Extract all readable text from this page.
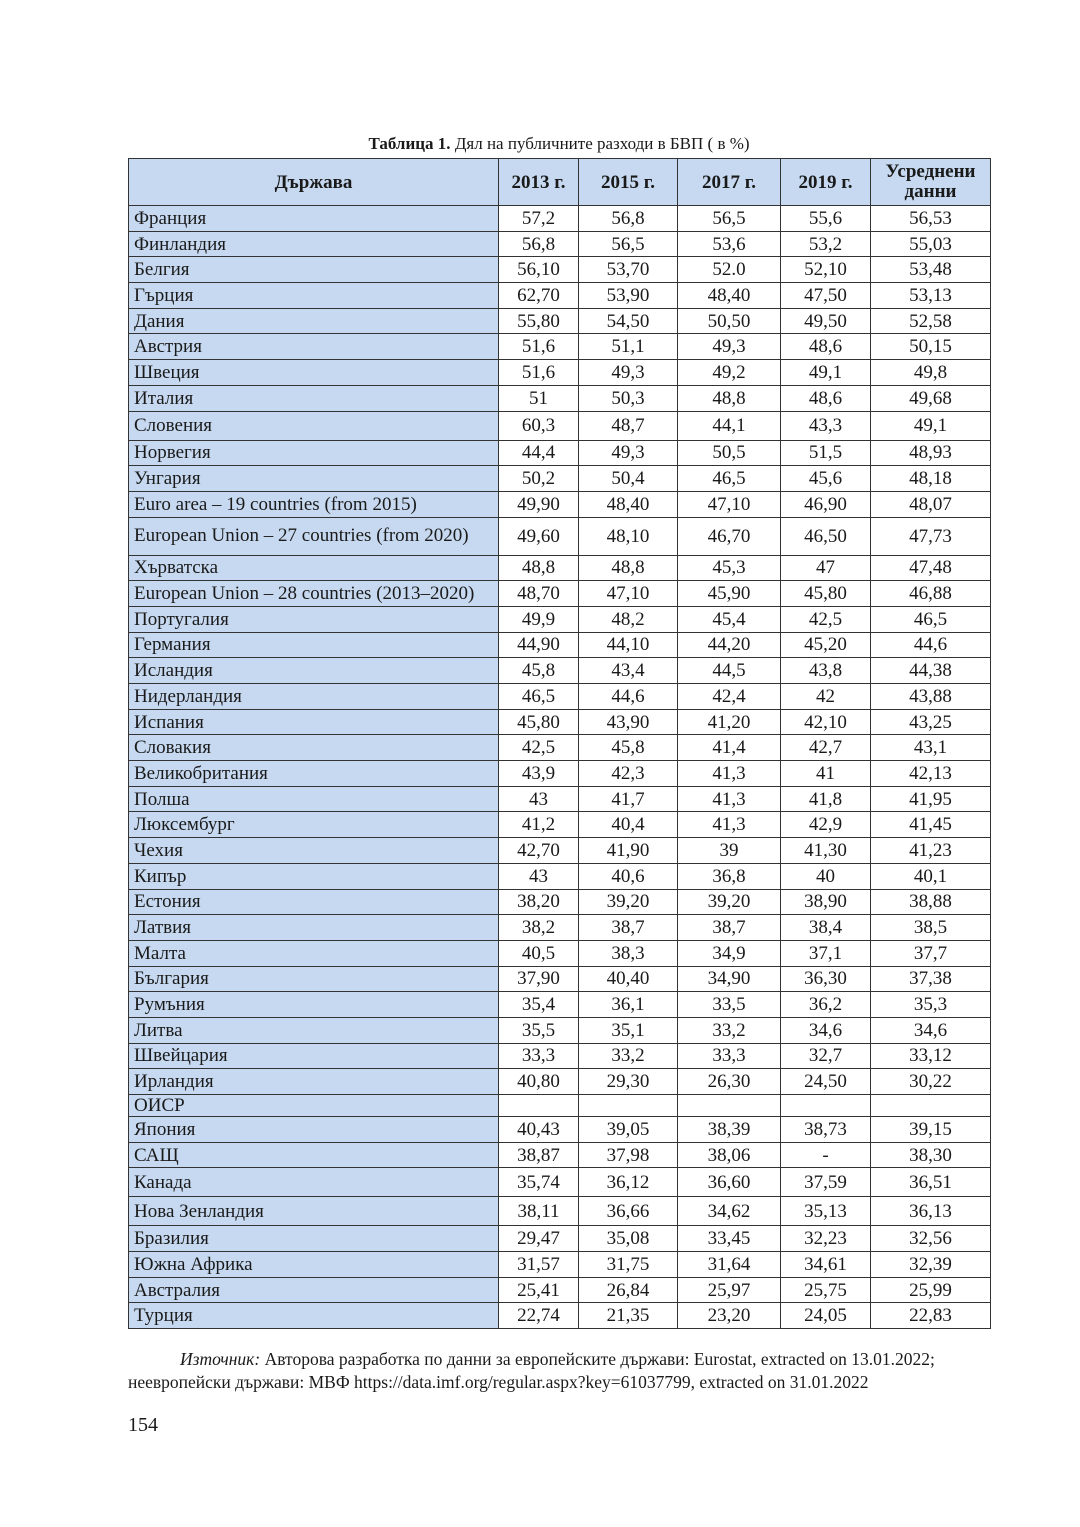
Таблица 1. Дял на публичните разходи в БВП ( в %)
Държава	2013 г.	2015 г.	2017 г.	2019 г.	Усреднени данни
Франция	57,2	56,8	56,5	55,6	56,53
Финландия	56,8	56,5	53,6	53,2	55,03
Белгия	56,10	53,70	52.0	52,10	53,48
Гърция	62,70	53,90	48,40	47,50	53,13
Дания	55,80	54,50	50,50	49,50	52,58
Австрия	51,6	51,1	49,3	48,6	50,15
Швеция	51,6	49,3	49,2	49,1	49,8
Италия	51	50,3	48,8	48,6	49,68
Словения	60,3	48,7	44,1	43,3	49,1
Норвегия	44,4	49,3	50,5	51,5	48,93
Унгария	50,2	50,4	46,5	45,6	48,18
Euro area – 19 countries (from 2015)	49,90	48,40	47,10	46,90	48,07

European Union – 27 countries (from 2020)	49,60	48,10	46,70	46,50	47,73
Хърватска	48,8	48,8	45,3	47	47,48
European Union – 28 countries (2013–2020)	48,70	47,10	45,90	45,80	46,88
Португалия	49,9	48,2	45,4	42,5	46,5
Германия	44,90	44,10	44,20	45,20	44,6
Исландия	45,8	43,4	44,5	43,8	44,38
Нидерландия	46,5	44,6	42,4	42	43,88
Испания	45,80	43,90	41,20	42,10	43,25
Словакия	42,5	45,8	41,4	42,7	43,1
Великобритания	43,9	42,3	41,3	41	42,13
Полша	43	41,7	41,3	41,8	41,95
Люксембург	41,2	40,4	41,3	42,9	41,45
Чехия	42,70	41,90	39	41,30	41,23
Кипър	43	40,6	36,8	40	40,1
Естония	38,20	39,20	39,20	38,90	38,88
Латвия	38,2	38,7	38,7	38,4	38,5
Малта	40,5	38,3	34,9	37,1	37,7
България	37,90	40,40	34,90	36,30	37,38
Румъния	35,4	36,1	33,5	36,2	35,3
Литва	35,5	35,1	33,2	34,6	34,6
Швейцария	33,3	33,2	33,3	32,7	33,12
Ирландия	40,80	29,30	26,30	24,50	30,22
ОИСР					
Япония	40,43	39,05	38,39	38,73	39,15
САЩ	38,87	37,98	38,06	-	38,30
Канада	35,74	36,12	36,60	37,59	36,51
Нова Зенландия	38,11	36,66	34,62	35,13	36,13
Бразилия	29,47	35,08	33,45	32,23	32,56
Южна Африка	31,57	31,75	31,64	34,61	32,39
Австралия	25,41	26,84	25,97	25,75	25,99
Турция	22,74	21,35	23,20	24,05	22,83
Източник: Авторова разработка по данни за европейските държави: Eurostat, extracted on 13.01.2022; неевропейски държави: МВФ https://data.imf.org/regular.aspx?key=61037799, extracted on 31.01.2022
154
